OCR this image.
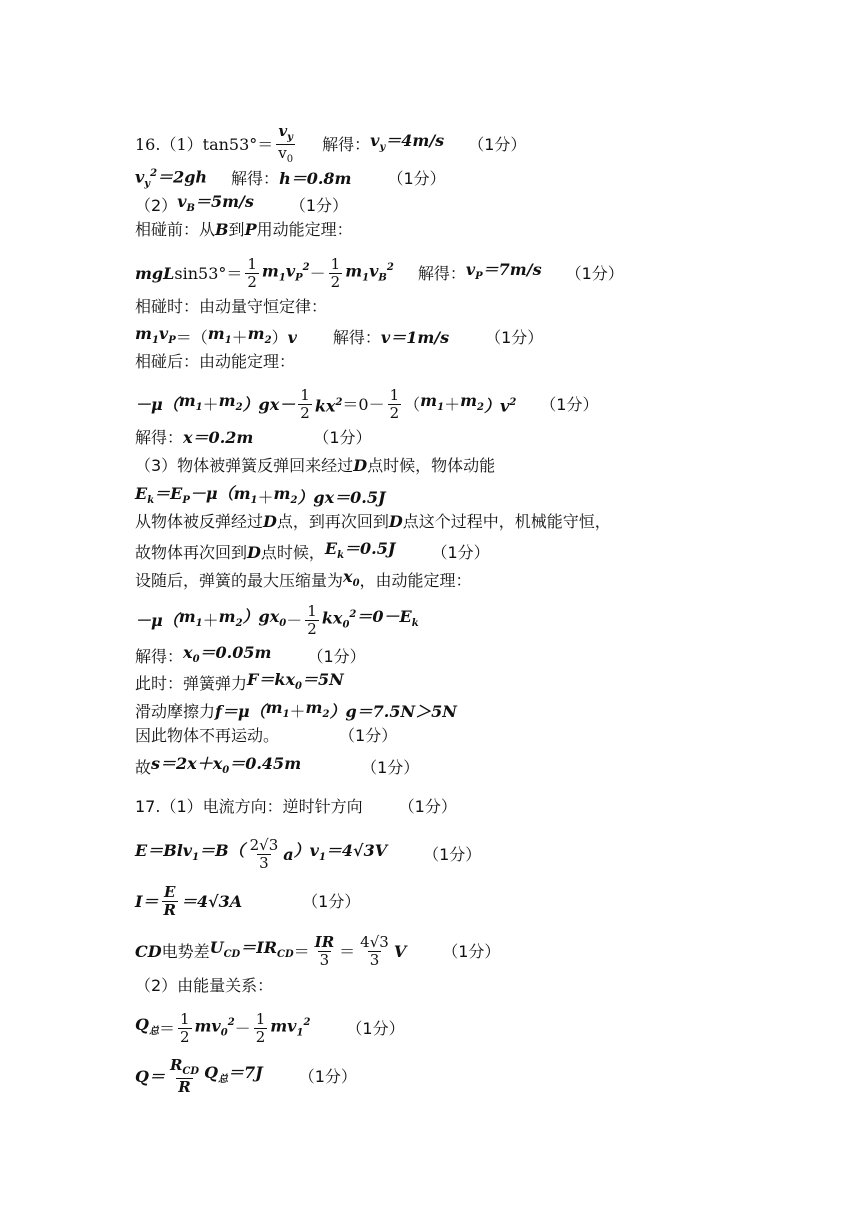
16.（1） $\tan 53^\circ= \frac{v_y}{v_0}$ 解得： $v_y=4m/s$ （1分）
$v_y^2=2gh$ 解得： h＝0.8m （1分）
（2） $v_B=5m/s$ （1分）
相碰前：从 B 到 P 用动能定理：
mgL $\sin 53^\circ= \frac{1}{2} m_1v_P^2 - \frac{1}{2} m_1v_B^2$ 解得： $v_P=7m/s$ （1分）
相碰时：由动量守恒定律：
$m_1v_P$ ＝（ $m_1 + m_2$ ） v 解得： v＝1m/s （1分）
相碰后：由动能定理：
－μ（ $m_1 + m_2$ ）$gx- \frac{1}{2} kx^2 =0- \frac{1}{2}$ （ $m_1 + m_2$ ）$v^2$ （1分）
解得： x＝0.2m	（1分）
（3）物体被弹簧反弹回来经过 D 点时候，物体动能
$E_k=E_P-\mu$（ $m_1 + m_2$ ）gx＝0.5J
从物体被反弹经过 D 点，到再次回到 D 点这个过程中，机械能守恒，
故物体再次回到 D 点时候， $E_k=0.5J$ （1分）
设随后，弹簧的最大压缩量为 $x_0$ ，由动能定理：
－μ（ $m_1 + m_2$ ）$gx_0 - \frac{1}{2} kx_0^2 =0-E_k$
解得： $x_0=0.05m$ （1分）
此时：弹簧弹力 $F=kx_0=5N$
滑动摩擦力 f＝μ（ $m_1 + m_2$ ）g＝7.5N＞5N
因此物体不再运动。	（1分）
故 $s=2x+x_0=0.45m$	（1分）
17.（1）电流方向：逆时针方向 （1分）
$E=Blv_1=B( \frac{2√3}{3}$ a ）$v_1=4√3V$ （1分）
$I= \frac{E}{R} =4√3A$	（1分）
CD 电势差 $U_{CD}=IR_{CD} = \frac{IR}{3} = \frac{4√3}{3}$ V （1分）
（2）由能量关系：
$Q_总 = \frac{1}{2} mv_0^2 - \frac{1}{2} mv_1^2$ （1分）
$Q= \frac{R_{CD}}{R} Q_总=7J$ （1分）
